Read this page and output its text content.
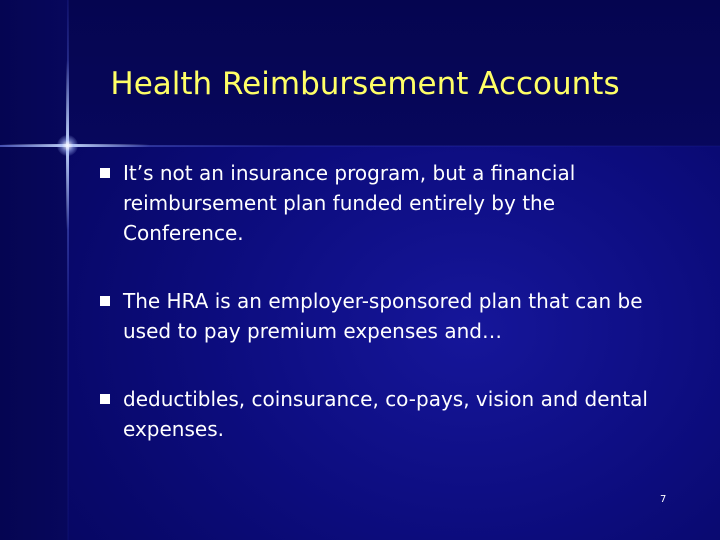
Health Reimbursement Accounts
It’s not an insurance program, but a financial reimbursement plan funded entirely by the Conference.
The HRA is an employer-sponsored plan that can be used to pay premium expenses and…
deductibles, coinsurance, co-pays, vision and dental expenses.
7
